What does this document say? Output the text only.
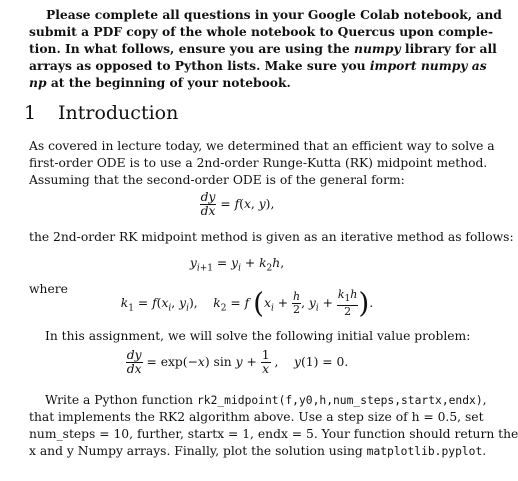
Please complete all questions in your Google Colab notebook, and
submit a PDF copy of the whole notebook to Quercus upon comple-
tion. In what follows, ensure you are using the numpy library for all
arrays as opposed to Python lists. Make sure you import numpy as
np at the beginning of your notebook.
1 Introduction
As covered in lecture today, we determined that an efficient way to solve a
first-order ODE is to use a 2nd-order Runge-Kutta (RK) midpoint method.
Assuming that the second-order ODE is of the general form:
$\frac{dy}{dx} = f(x$, y),
the 2nd-order RK midpoint method is given as an iterative method as follows:
$y_{i+1} = y_i + k_2h$,
where
$k_1 = f(x_i$, $y_i$),    $k_2 = f$ ($x_i + \frac{h}{2}$ , $y_i + \frac{k_1h}{2}$ ).
In this assignment, we will solve the following initial value problem:
$\frac{dy}{dx} = \exp(-x)$ $\sin y + \frac{1}{x}$ ,    y(1) = 0.
Write a Python function rk2_midpoint(f,y0,h,num_steps,startx,endx),
that implements the RK2 algorithm above. Use a step size of h = 0.5, set
num_steps = 10, further, startx = 1, endx = 5. Your function should return the
x and y Numpy arrays. Finally, plot the solution using matplotlib.pyplot.
